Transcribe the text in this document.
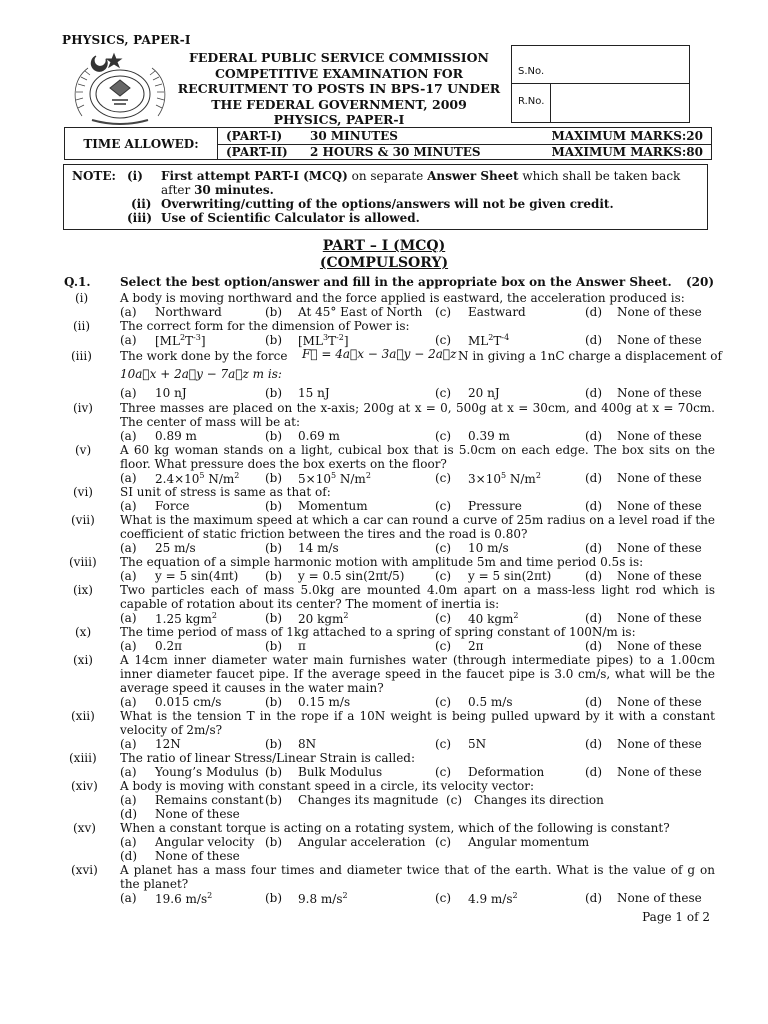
PHYSICS, PAPER-I
FEDERAL PUBLIC SERVICE COMMISSION
COMPETITIVE EXAMINATION FOR
RECRUITMENT TO POSTS IN BPS-17 UNDER
THE FEDERAL GOVERNMENT, 2009
PHYSICS, PAPER-I
S.No.
R.No.
TIME ALLOWED:
(PART-I) 30 MINUTES	MAXIMUM MARKS:20
(PART-II) 2 HOURS & 30 MINUTES	MAXIMUM MARKS:80
NOTE: (i) First attempt PART-I (MCQ) on separate Answer Sheet which shall be taken back
after 30 minutes.
(ii) Overwriting/cutting of the options/answers will not be given credit.
(iii) Use of Scientific Calculator is allowed.
PART – I (MCQ)
(COMPULSORY)
Q.1. Select the best option/answer and fill in the appropriate box on the Answer Sheet. (20)
(i)	A body is moving northward and the force applied is eastward, the acceleration produced is:
(a) Northward	(b) At 45° East of North (c) Eastward	(d) None of these
(ii) The correct form for the dimension of Power is:
(a) $[ML^2T^{-3}]$	(b) $[ML^3T^{-2}]$	(c) $ML^2T^{-4}$	(d) None of these
(iii) The work done by the force F⃗ = 4a⃗x − 3a⃗y − 2a⃗z N in giving a 1nC charge a displacement of
10a⃗x + 2a⃗y − 7a⃗z m is:
(a) 10 nJ	(b) 15 nJ	(c) 20 nJ	(d) None of these
(iv) Three masses are placed on the x-axis; 200g at x = 0, 500g at x = 30cm, and 400g at x = 70cm. The center of mass will be at:
(a) 0.89 m	(b) 0.69 m	(c) 0.39 m	(d) None of these
(v) A 60 kg woman stands on a light, cubical box that is 5.0cm on each edge. The box sits on the floor. What pressure does the box exerts on the floor?
(a) $2.4\times 10^5$ $N/m^2$ (b) $5\times 10^5$ $N/m^2$	(c) $3\times 10^5$ $N/m^2$	(d) None of these
(vi) SI unit of stress is same as that of:
(a) Force	(b) Momentum	(c) Pressure	(d) None of these
(vii) What is the maximum speed at which a car can round a curve of 25m radius on a level road if the coefficient of static friction between the tires and the road is 0.80?
(a) 25 m/s	(b) 14 m/s	(c) 10 m/s	(d) None of these
(viii) The equation of a simple harmonic motion with amplitude 5m and time period 0.5s is:
(a) y = 5 sin(4πt) (b) y = 0.5 sin(2πt/5)	(c) y = 5 sin(2πt)	(d) None of these
(ix) Two particles each of mass 5.0kg are mounted 4.0m apart on a mass-less light rod which is capable of rotation about its center? The moment of inertia is:
(a) 1.25 kgm$^2$	(b) 20 kgm$^2$	(c) 40 kgm$^2$	(d) None of these
(x) The time period of mass of 1kg attached to a spring of spring constant of 100N/m is:
(a) 0.2π	(b) π	(c) 2π	(d) None of these
(xi) A 14cm inner diameter water main furnishes water (through intermediate pipes) to a 1.00cm inner diameter faucet pipe. If the average speed in the faucet pipe is 3.0 cm/s, what will be the average speed it causes in the water main?
(a) 0.015 cm/s	(b) 0.15 m/s	(c) 0.5 m/s	(d) None of these
(xii) What is the tension T in the rope if a 10N weight is being pulled upward by it with a constant velocity of 2m/s?
(a) 12N	(b) 8N	(c) 5N	(d) None of these
(xiii) The ratio of linear Stress/Linear Strain is called:
(a) Young’s Modulus (b) Bulk Modulus	(c) Deformation	(d) None of these
(xiv) A body is moving with constant speed in a circle, its velocity vector:
(a) Remains constant (b) Changes its magnitude (c) Changes its direction
(d) None of these
(xv) When a constant torque is acting on a rotating system, which of the following is constant?
(a) Angular velocity (b) Angular acceleration (c) Angular momentum
(d) None of these
(xvi) A planet has a mass four times and diameter twice that of the earth. What is the value of g on the planet?
(a) 19.6 $m/s^2$	(b) 9.8 $m/s^2$	(c) 4.9 $m/s^2$	(d) None of these
Page 1 of 2
